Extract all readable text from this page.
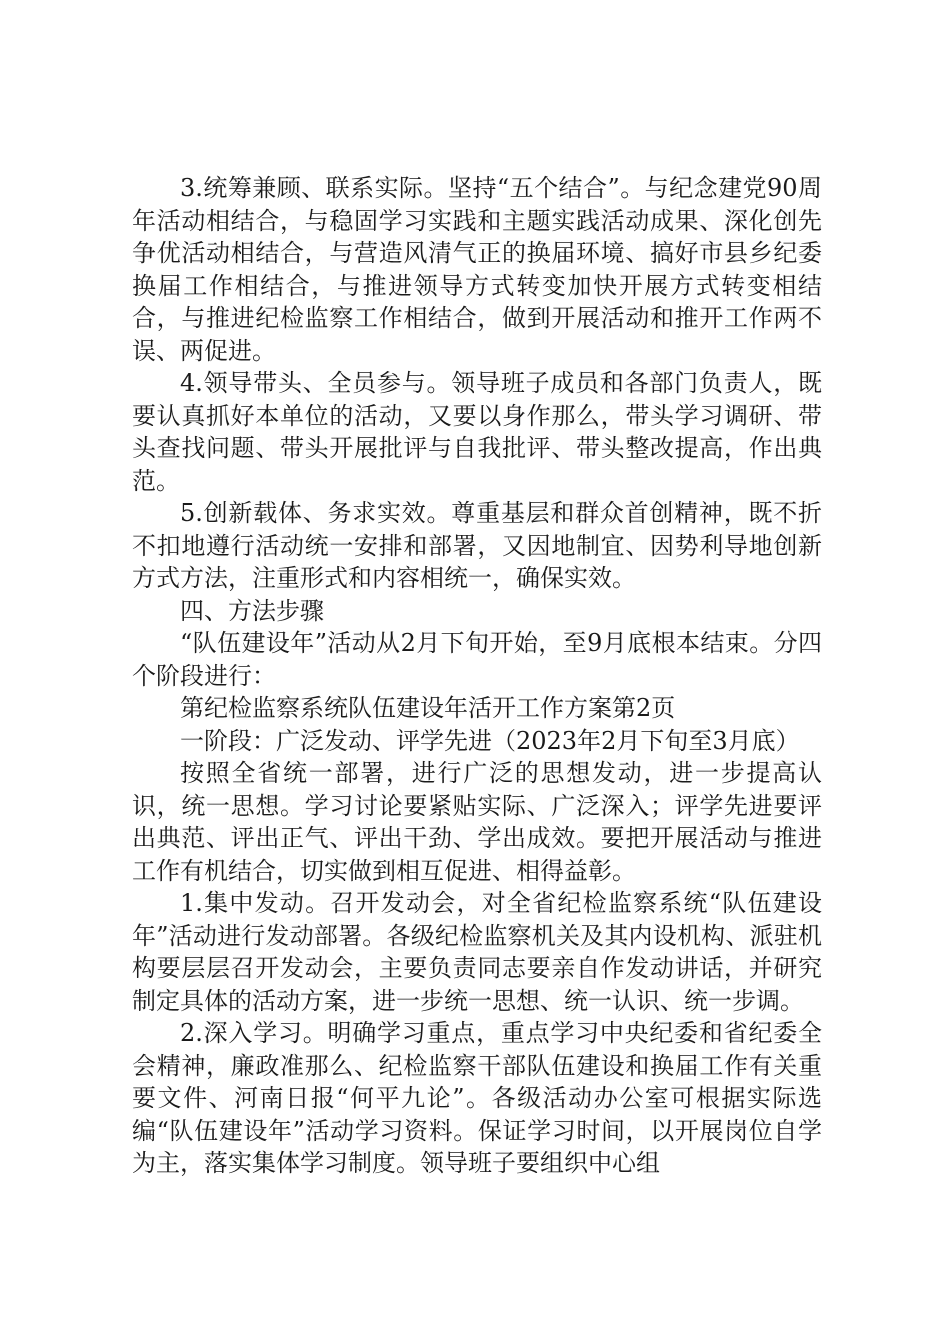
3.统筹兼顾、联系实际。坚持“五个结合”。与纪念建党90周年活动相结合，与稳固学习实践和主题实践活动成果、深化创先争优活动相结合，与营造风清气正的换届环境、搞好市县乡纪委换届工作相结合，与推进领导方式转变加快开展方式转变相结合，与推进纪检监察工作相结合，做到开展活动和推开工作两不误、两促进。

4.领导带头、全员参与。领导班子成员和各部门负责人，既要认真抓好本单位的活动，又要以身作那么，带头学习调研、带头查找问题、带头开展批评与自我批评、带头整改提高，作出典范。

5.创新载体、务求实效。尊重基层和群众首创精神，既不折不扣地遵行活动统一安排和部署，又因地制宜、因势利导地创新方式方法，注重形式和内容相统一，确保实效。

四、方法步骤

“队伍建设年”活动从2月下旬开始，至9月底根本结束。分四个阶段进行：

第纪检监察系统队伍建设年活开工作方案第2页

一阶段：广泛发动、评学先进（2023年2月下旬至3月底）

按照全省统一部署，进行广泛的思想发动，进一步提高认识，统一思想。学习讨论要紧贴实际、广泛深入；评学先进要评出典范、评出正气、评出干劲、学出成效。要把开展活动与推进工作有机结合，切实做到相互促进、相得益彰。

1.集中发动。召开发动会，对全省纪检监察系统“队伍建设年”活动进行发动部署。各级纪检监察机关及其内设机构、派驻机构要层层召开发动会，主要负责同志要亲自作发动讲话，并研究制定具体的活动方案，进一步统一思想、统一认识、统一步调。

2.深入学习。明确学习重点，重点学习中央纪委和省纪委全会精神，廉政准那么、纪检监察干部队伍建设和换届工作有关重要文件、河南日报“何平九论”。各级活动办公室可根据实际选编“队伍建设年”活动学习资料。保证学习时间，以开展岗位自学为主，落实集体学习制度。领导班子要组织中心组
